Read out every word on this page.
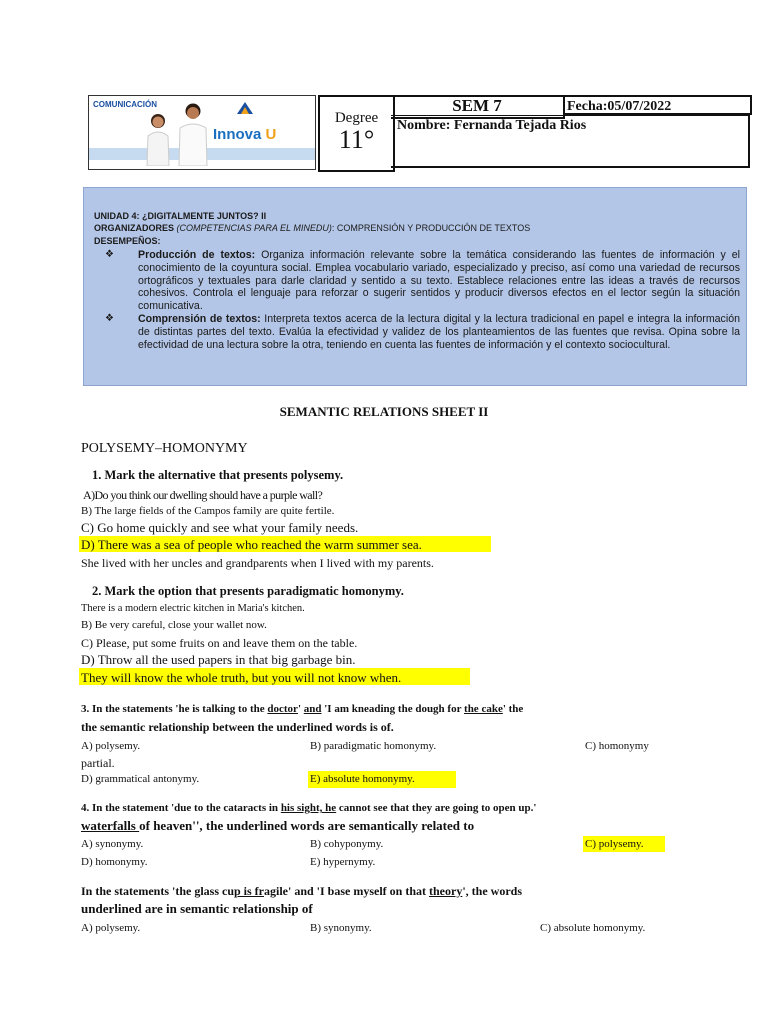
COMUNICACIÓN
Innova U
Degree
11°
SEM 7	Fecha:05/07/2022
Nombre: Fernanda Tejada Rios
UNIDAD 4: ¿DIGITALMENTE JUNTOS? II
ORGANIZADORES (COMPETENCIAS PARA EL MINEDU): COMPRENSIÓN Y PRODUCCIÓN DE TEXTOS
DESEMPEÑOS:
❖ Producción de textos: Organiza información relevante sobre la temática considerando las fuentes de información y el conocimiento de la coyuntura social. Emplea vocabulario variado, especializado y preciso, así como una variedad de recursos ortográficos y textuales para darle claridad y sentido a su texto. Establece relaciones entre las ideas a través de recursos cohesivos. Controla el lenguaje para reforzar o sugerir sentidos y producir diversos efectos en el lector según la situación comunicativa.
❖ Comprensión de textos: Interpreta textos acerca de la lectura digital y la lectura tradicional en papel e integra la información de distintas partes del texto. Evalúa la efectividad y validez de los planteamientos de las fuentes que revisa. Opina sobre la efectividad de una lectura sobre la otra, teniendo en cuenta las fuentes de información y el contexto sociocultural.
SEMANTIC RELATIONS SHEET II
POLYSEMY–HOMONYMY
1. Mark the alternative that presents polysemy.
A)Do you think our dwelling should have a purple wall?
B) The large fields of the Campos family are quite fertile.
C) Go home quickly and see what your family needs.
D) There was a sea of people who reached the warm summer sea.
She lived with her uncles and grandparents when I lived with my parents.
2. Mark the option that presents paradigmatic homonymy.
There is a modern electric kitchen in Maria's kitchen.
B) Be very careful, close your wallet now.
C) Please, put some fruits on and leave them on the table.
D) Throw all the used papers in that big garbage bin.
They will know the whole truth, but you will not know when.
3. In the statements 'he is talking to the doctor' and 'I am kneading the dough for the cake' the
the semantic relationship between the underlined words is of.
A) polysemy.	B) paradigmatic homonymy.	C) homonymy
partial.
D) grammatical antonymy.	E) absolute homonymy.
4. In the statement 'due to the cataracts in his sight, he cannot see that they are going to open up.'
waterfalls of heaven'', the underlined words are semantically related to
A) synonymy.	B) cohyponymy.	C) polysemy.
D) homonymy.	E) hypernymy.
In the statements 'the glass cup is fragile' and 'I base myself on that theory', the words
underlined are in semantic relationship of
A) polysemy.	B) synonymy.	C) absolute homonymy.
